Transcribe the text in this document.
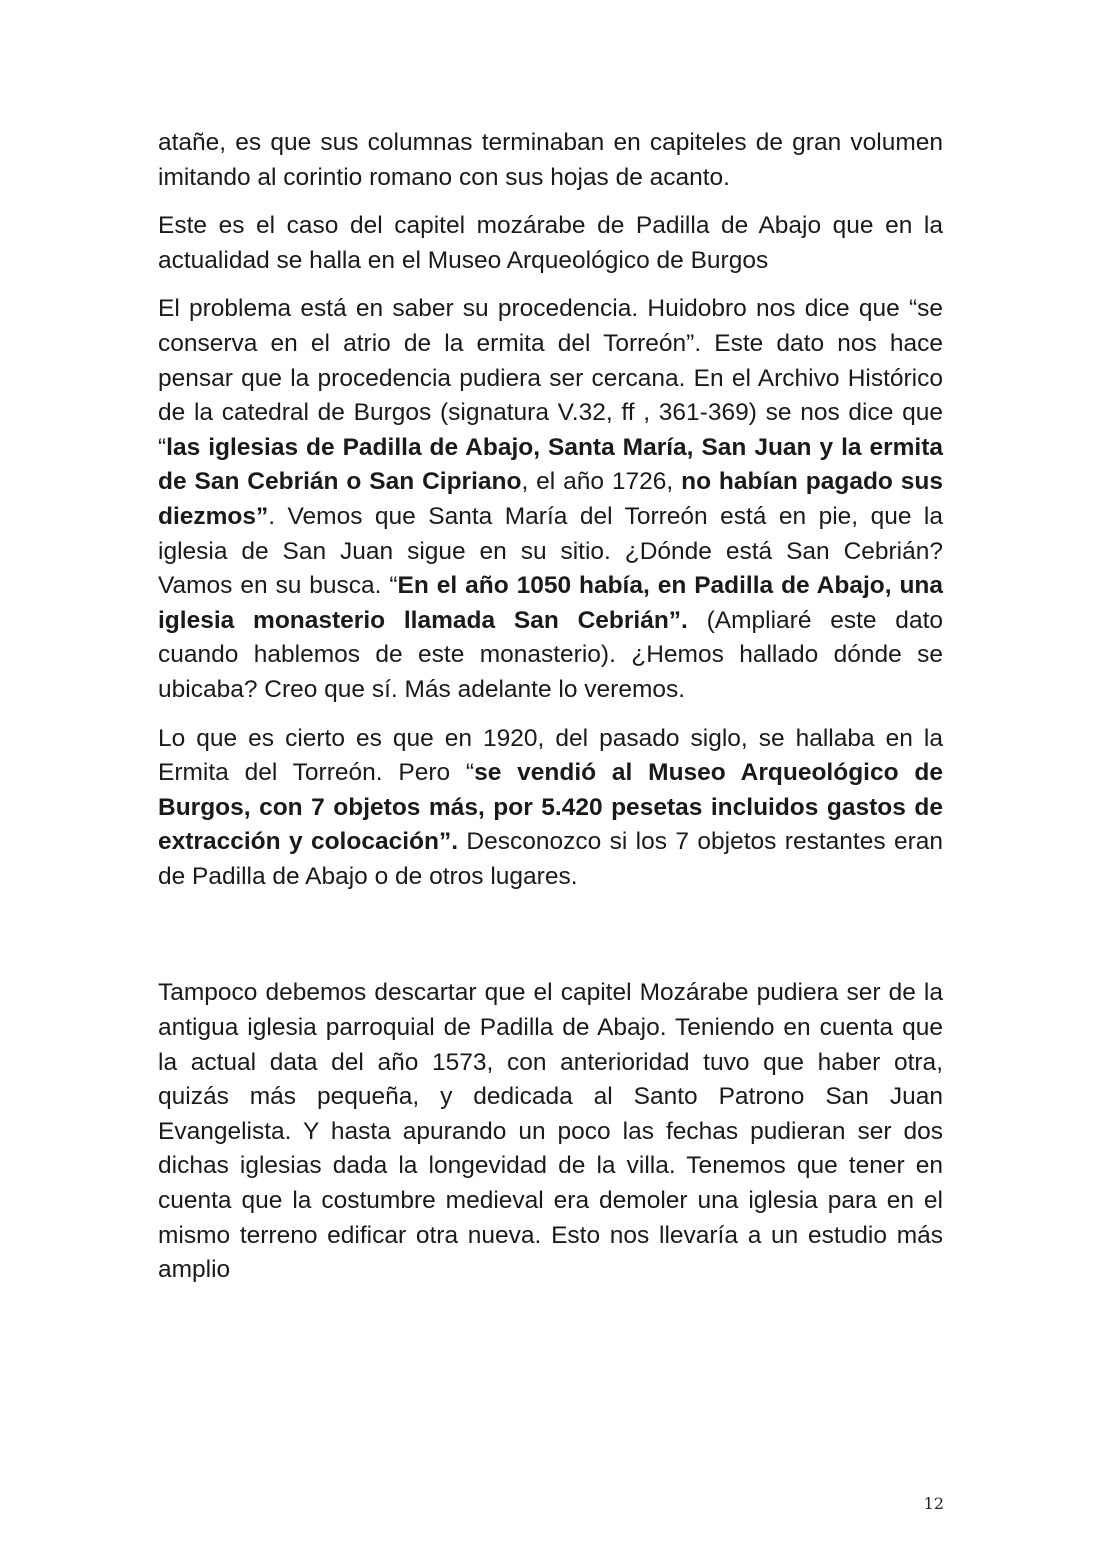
atañe, es que sus columnas terminaban en capiteles de gran volumen imitando al corintio romano con sus hojas de acanto.

Este es el caso del capitel mozárabe de Padilla de Abajo que en la actualidad se halla en el Museo Arqueológico de Burgos

El problema está en saber su procedencia. Huidobro nos dice que “se conserva en el atrio de la ermita del Torreón”. Este dato nos hace pensar que la procedencia pudiera ser cercana. En el Archivo Histórico de la catedral de Burgos (signatura V.32, ff , 361-369) se nos dice que “las iglesias de Padilla de Abajo, Santa María, San Juan y la ermita de San Cebrián o San Cipriano, el año 1726, no habían pagado sus diezmos”. Vemos que Santa María del Torreón está en pie, que la iglesia de San Juan sigue en su sitio. ¿Dónde está San Cebrián? Vamos en su busca. “En el año 1050 había, en Padilla de Abajo, una iglesia monasterio llamada San Cebrián”. (Ampliaré este dato cuando hablemos de este monasterio). ¿Hemos hallado dónde se ubicaba? Creo que sí. Más adelante lo veremos.

Lo que es cierto es que en 1920, del pasado siglo, se hallaba en la Ermita del Torreón. Pero “se vendió al Museo Arqueológico de Burgos, con 7 objetos más, por 5.420 pesetas incluidos gastos de extracción y colocación”. Desconozco si los 7 objetos restantes eran de Padilla de Abajo o de otros lugares.

Tampoco debemos descartar que el capitel Mozárabe pudiera ser de la antigua iglesia parroquial de Padilla de Abajo. Teniendo en cuenta que la actual data del año 1573, con anterioridad tuvo que haber otra, quizás más pequeña, y dedicada al Santo Patrono San Juan Evangelista. Y hasta apurando un poco las fechas pudieran ser dos dichas iglesias dada la longevidad de la villa. Tenemos que tener en cuenta que la costumbre medieval era demoler una iglesia para en el mismo terreno edificar otra nueva. Esto nos llevaría a un estudio más amplio

12
